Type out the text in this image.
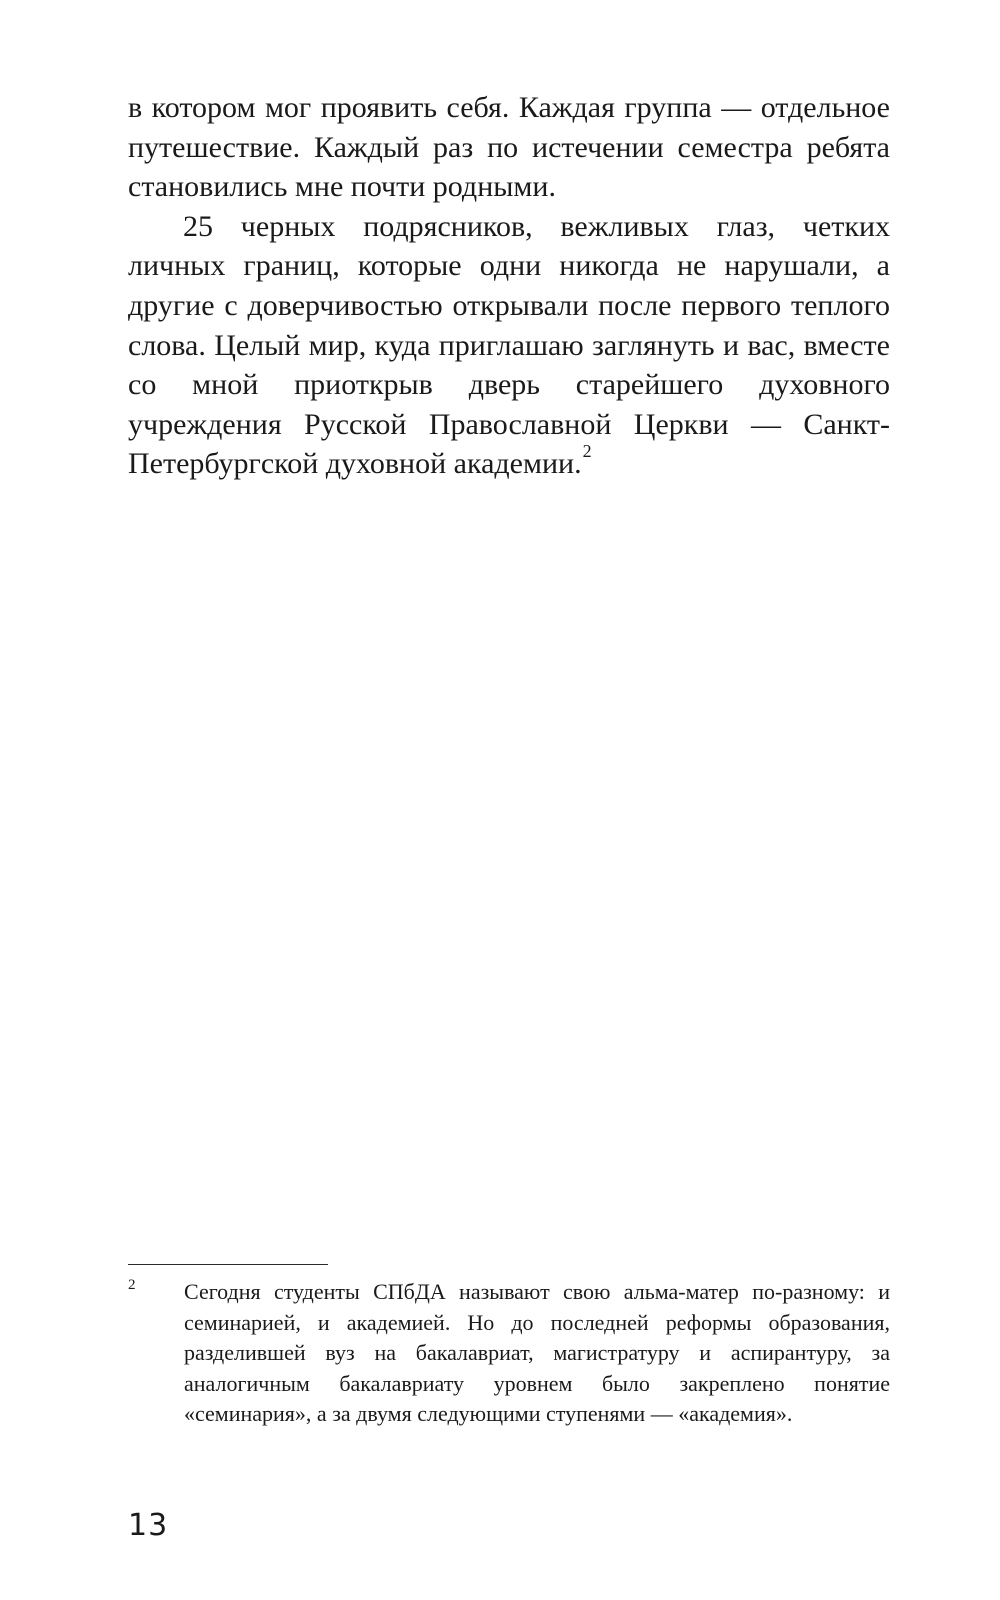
в котором мог проявить себя. Каждая группа — отдельное путешествие. Каждый раз по истечении семестра ребята становились мне почти родными.

25 черных подрясников, вежливых глаз, четких личных границ, которые одни никогда не нарушали, а другие с доверчивостью открывали после первого теплого слова. Целый мир, куда приглашаю заглянуть и вас, вместе со мной приоткрыв дверь старейшего духовного учреждения Русской Православной Церкви — Санкт-Петербургской духовной академии.$^2$

2 Сегодня студенты СПбДА называют свою альма-матер по-разному: и семинарией, и академией. Но до последней реформы образования, разделившей вуз на бакалавриат, магистратуру и аспирантуру, за аналогичным бакалавриату уровнем было закреплено понятие «семинария», а за двумя следующими ступенями — «академия».
13
